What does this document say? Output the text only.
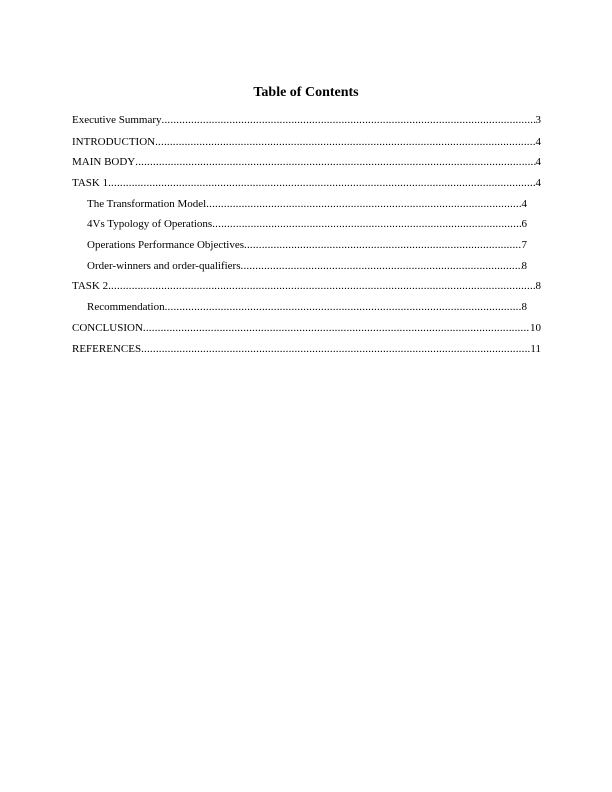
Table of Contents
Executive Summary .....	3
INTRODUCTION .....	4
MAIN BODY .....	4
TASK 1 .....	4
The Transformation Model .....	4
4Vs Typology of Operations .....	6
Operations Performance Objectives .....	7
Order-winners and order-qualifiers .....	8
TASK 2 .....	8
Recommendation .....	8
CONCLUSION .....	10
REFERENCES .....	11
